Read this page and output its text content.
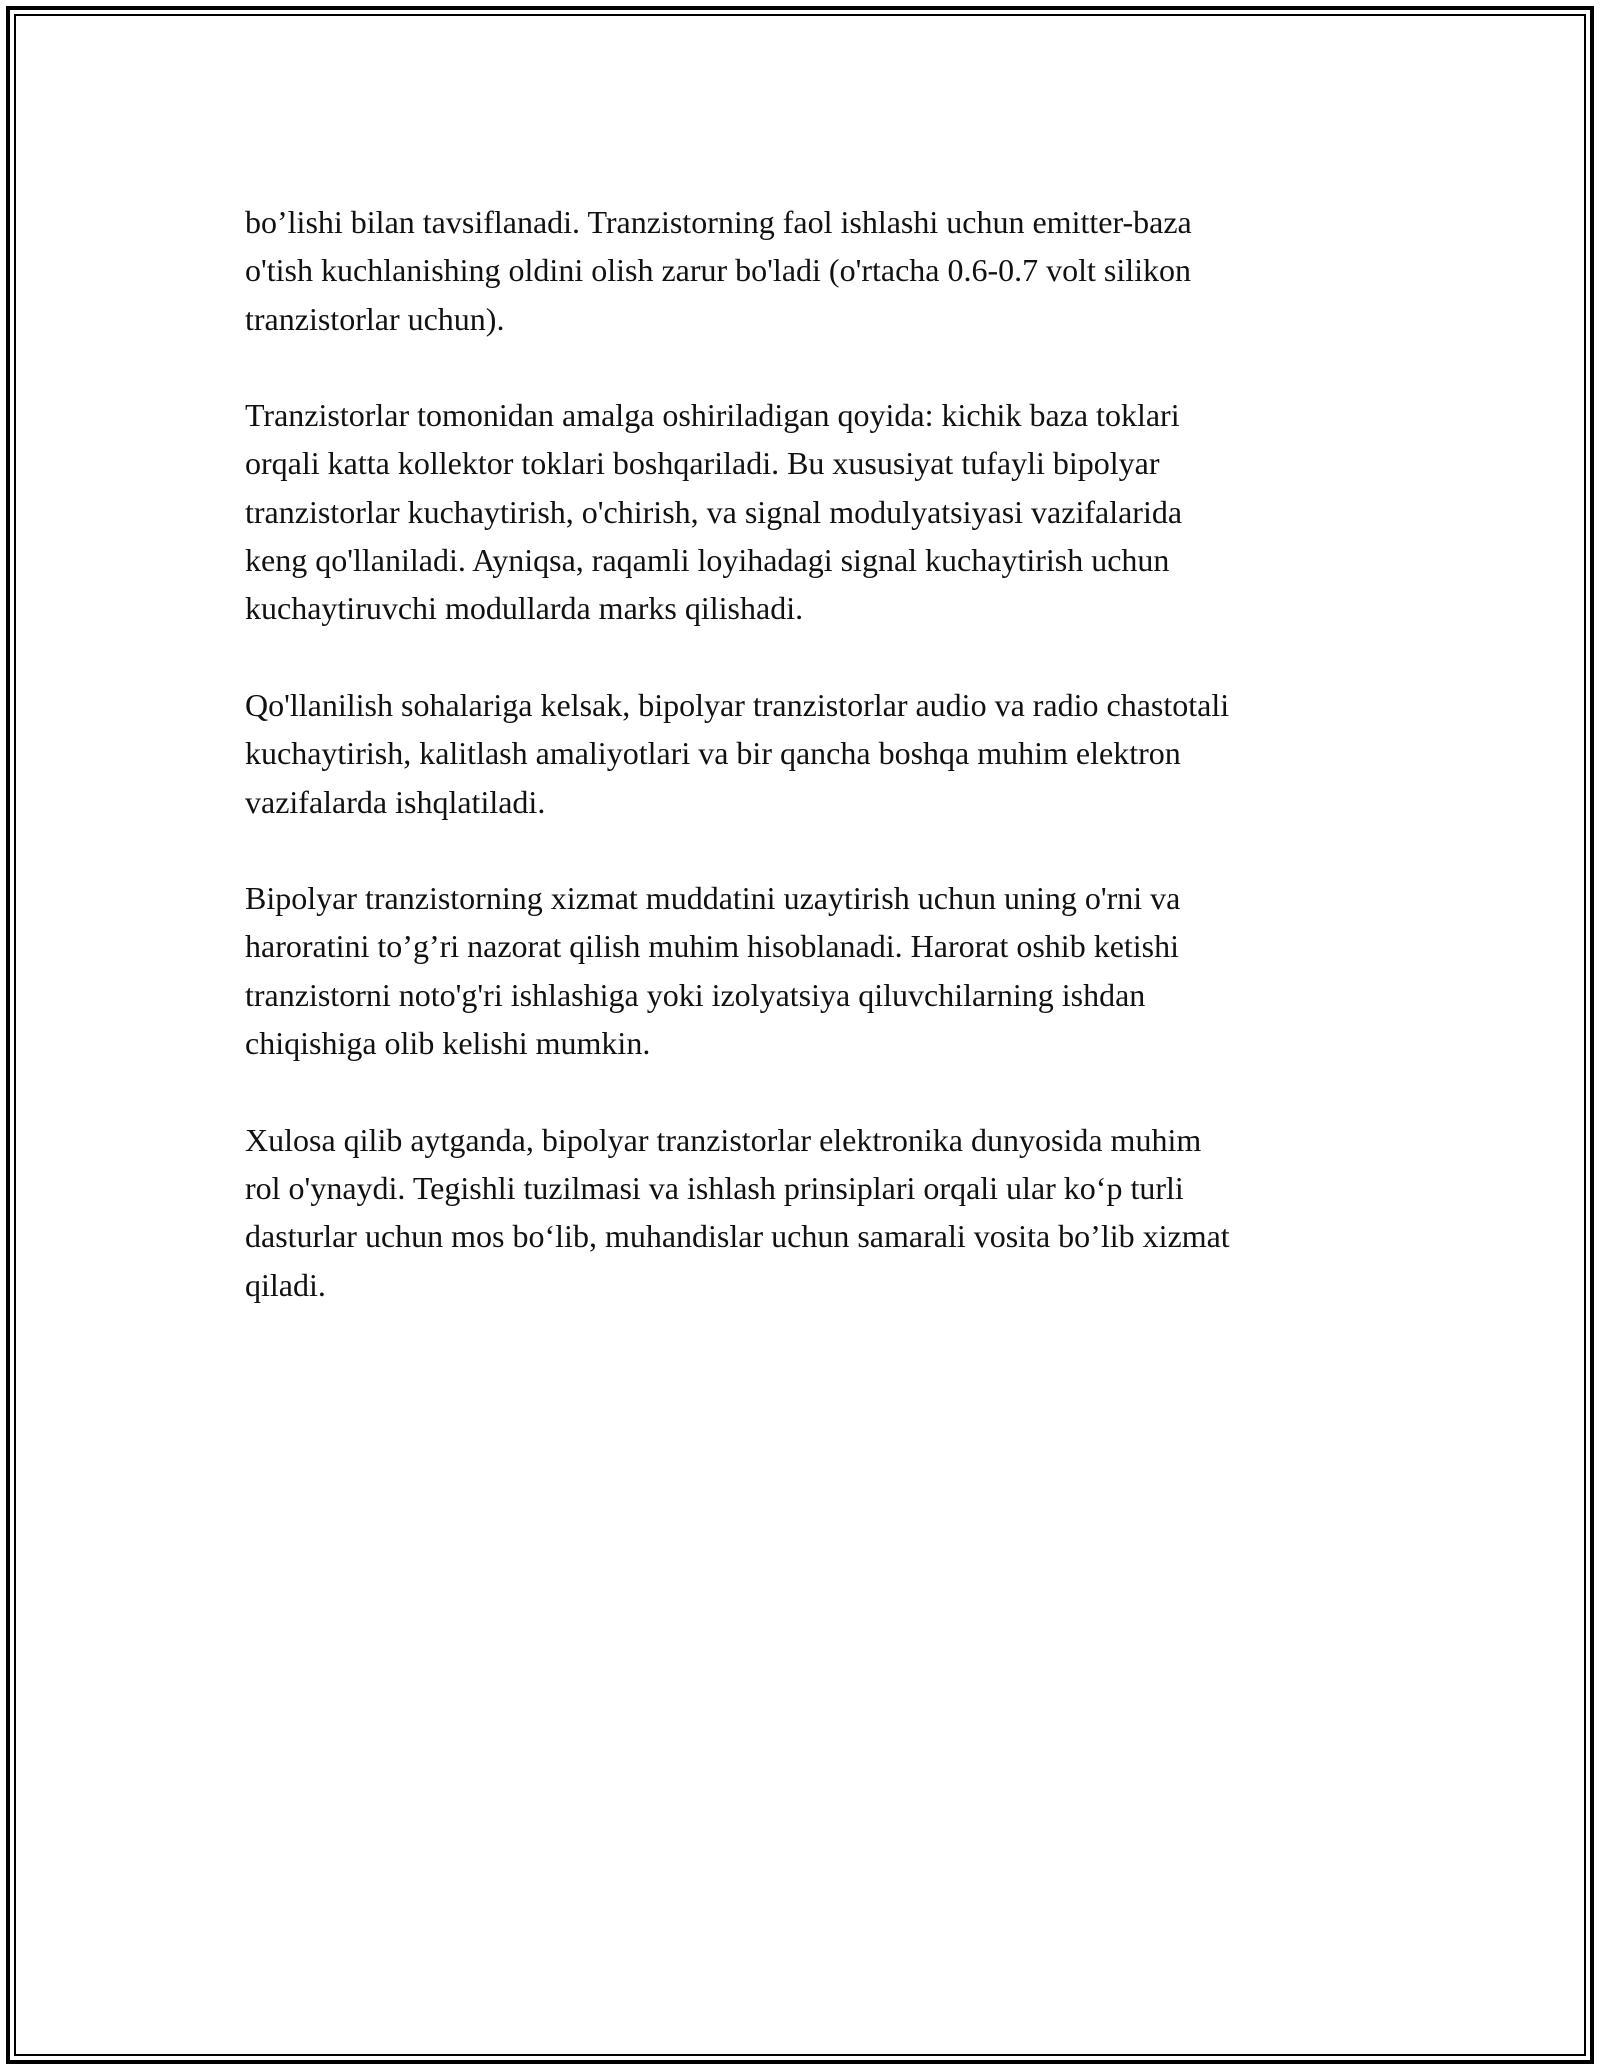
bo’lishi bilan tavsiflanadi. Tranzistorning faol ishlashi uchun emitter-baza
o'tish kuchlanishing oldini olish zarur bo'ladi (o'rtacha 0.6-0.7 volt silikon
tranzistorlar uchun).

Tranzistorlar tomonidan amalga oshiriladigan qoyida: kichik baza toklari
orqali katta kollektor toklari boshqariladi. Bu xususiyat tufayli bipolyar
tranzistorlar kuchaytirish, o'chirish, va signal modulyatsiyasi vazifalarida
keng qo'llaniladi. Ayniqsa, raqamli loyihadagi signal kuchaytirish uchun
kuchaytiruvchi modullarda marks qilishadi.

Qo'llanilish sohalariga kelsak, bipolyar tranzistorlar audio va radio chastotali
kuchaytirish, kalitlash amaliyotlari va bir qancha boshqa muhim elektron
vazifalarda ishqlatiladi.

Bipolyar tranzistorning xizmat muddatini uzaytirish uchun uning o'rni va
haroratini to’g’ri nazorat qilish muhim hisoblanadi. Harorat oshib ketishi
tranzistorni noto'g'ri ishlashiga yoki izolyatsiya qiluvchilarning ishdan
chiqishiga olib kelishi mumkin.

Xulosa qilib aytganda, bipolyar tranzistorlar elektronika dunyosida muhim
rol o'ynaydi. Tegishli tuzilmasi va ishlash prinsiplari orqali ular ko‘p turli
dasturlar uchun mos bo‘lib, muhandislar uchun samarali vosita bo’lib xizmat
qiladi.
